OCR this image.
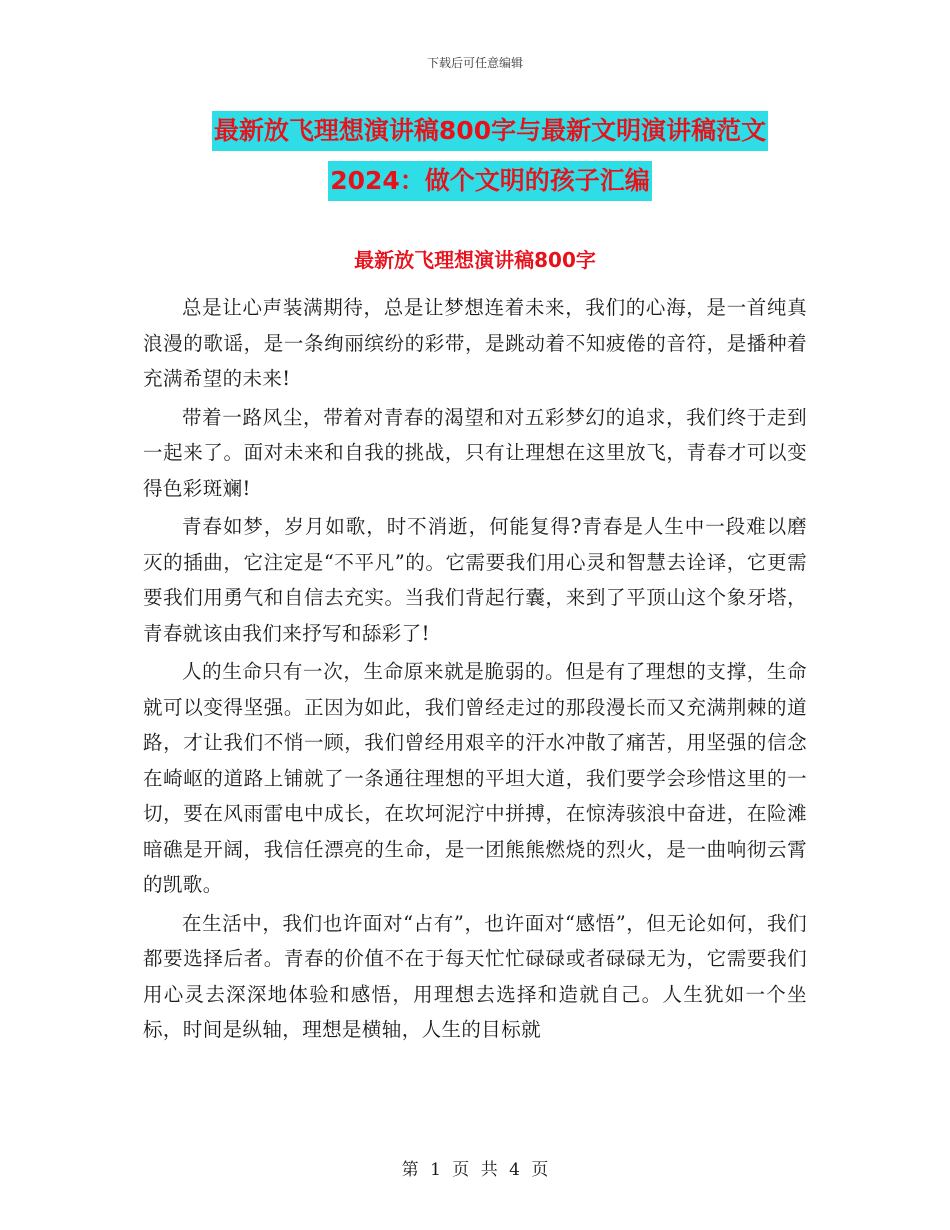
下载后可任意编辑
最新放飞理想演讲稿800字与最新文明演讲稿范文
2024：做个文明的孩子汇编
最新放飞理想演讲稿800字

总是让心声装满期待，总是让梦想连着未来，我们的心海，是一首纯真浪漫的歌谣，是一条绚丽缤纷的彩带，是跳动着不知疲倦的音符，是播种着充满希望的未来!

带着一路风尘，带着对青春的渴望和对五彩梦幻的追求，我们终于走到一起来了。面对未来和自我的挑战，只有让理想在这里放飞，青春才可以变得色彩斑斓!

青春如梦，岁月如歌，时不消逝，何能复得?青春是人生中一段难以磨灭的插曲，它注定是“不平凡”的。它需要我们用心灵和智慧去诠译，它更需要我们用勇气和自信去充实。当我们背起行囊，来到了平顶山这个象牙塔，青春就该由我们来抒写和舔彩了!

人的生命只有一次，生命原来就是脆弱的。但是有了理想的支撑，生命就可以变得坚强。正因为如此，我们曾经走过的那段漫长而又充满荆棘的道路，才让我们不悄一顾，我们曾经用艰辛的汗水冲散了痛苦，用坚强的信念在崎岖的道路上铺就了一条通往理想的平坦大道，我们要学会珍惜这里的一切，要在风雨雷电中成长，在坎坷泥泞中拼搏，在惊涛骇浪中奋进，在险滩暗礁是开阔，我信任漂亮的生命，是一团熊熊燃烧的烈火，是一曲响彻云霄的凯歌。

在生活中，我们也许面对“占有”，也许面对“感悟”，但无论如何，我们都要选择后者。青春的价值不在于每天忙忙碌碌或者碌碌无为，它需要我们用心灵去深深地体验和感悟，用理想去选择和造就自己。人生犹如一个坐标，时间是纵轴，理想是横轴，人生的目标就

第 1 页 共 4 页
